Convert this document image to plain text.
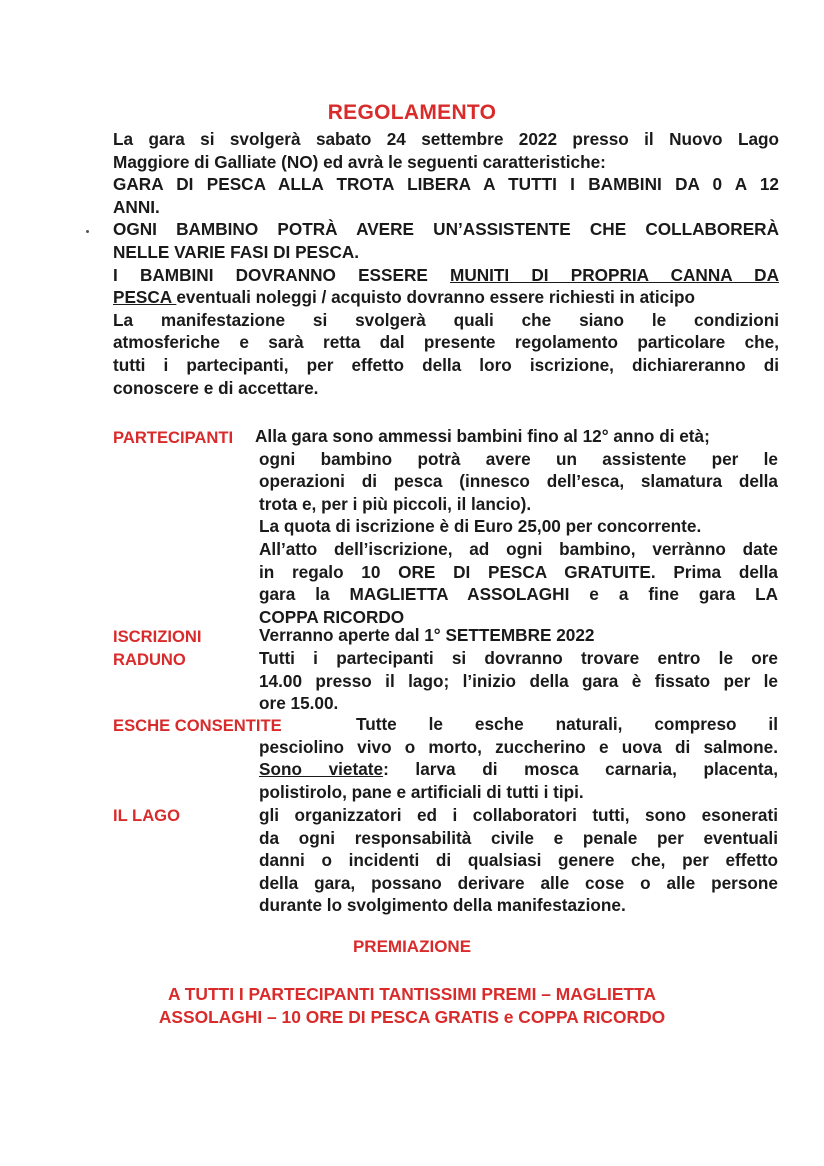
REGOLAMENTO

La gara si svolgerà sabato 24 settembre 2022 presso il Nuovo Lago

Maggiore di Galliate (NO) ed avrà le seguenti caratteristiche:

GARA DI PESCA ALLA TROTA LIBERA A TUTTI I BAMBINI DA 0 A 12

ANNI.

OGNI BAMBINO POTRÀ AVERE UN’ASSISTENTE CHE COLLABORERÀ

NELLE VARIE FASI DI PESCA.

I BAMBINI DOVRANNO ESSERE MUNITI DI PROPRIA CANNA DA

PESCA eventuali noleggi / acquisto dovranno essere richiesti in aticipo

La manifestazione si svolgerà quali che siano le condizioni

atmosferiche e sarà retta dal presente regolamento particolare che,

tutti i partecipanti, per effetto della loro iscrizione, dichiareranno di

conoscere e di accettare.

PARTECIPANTI Alla gara sono ammessi bambini fino al 12° anno di età;

ogni bambino potrà avere un assistente per le

operazioni di pesca (innesco dell’esca, slamatura della

trota e, per i più piccoli, il lancio).

La quota di iscrizione è di Euro 25,00 per concorrente.

All’atto dell’iscrizione, ad ogni bambino, verrànno date

in regalo 10 ORE DI PESCA GRATUITE. Prima della

gara la MAGLIETTA ASSOLAGHI e a fine gara LA

COPPA RICORDO

ISCRIZIONI	Verranno aperte dal 1° SETTEMBRE 2022

RADUNO	Tutti i partecipanti si dovranno trovare entro le ore

14.00 presso il lago; l’inizio della gara è fissato per le

ore 15.00.

ESCHE CONSENTITE	Tutte le esche naturali, compreso il

pesciolino vivo o morto, zuccherino e uova di salmone.

Sono vietate: larva di mosca carnaria, placenta,

polistirolo, pane e artificiali di tutti i tipi.

IL LAGO	gli organizzatori ed i collaboratori tutti, sono esonerati

da ogni responsabilità civile e penale per eventuali

danni o incidenti di qualsiasi genere che, per effetto

della gara, possano derivare alle cose o alle persone

durante lo svolgimento della manifestazione.

PREMIAZIONE

A TUTTI I PARTECIPANTI TANTISSIMI PREMI – MAGLIETTA

ASSOLAGHI – 10 ORE DI PESCA GRATIS e COPPA RICORDO
